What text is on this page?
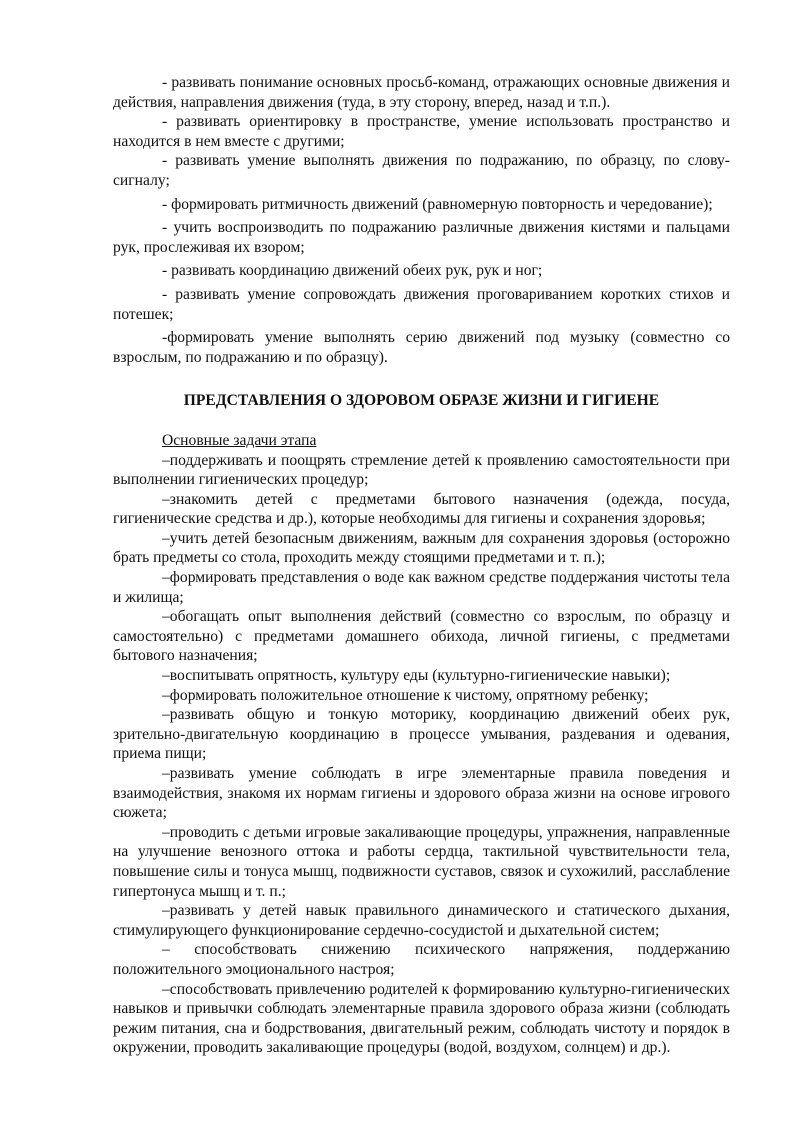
- развивать понимание основных просьб-команд, отражающих основные движения и действия, направления движения (туда, в эту сторону, вперед, назад и т.п.).

- развивать ориентировку в пространстве, умение использовать пространство и находится в нем вместе с другими;

- развивать умение выполнять движения по подражанию, по образцу, по слову-сигналу;

- формировать ритмичность движений (равномерную повторность и чередование);

- учить воспроизводить по подражанию различные движения кистями и пальцами рук, прослеживая их взором;

- развивать координацию движений обеих рук, рук и ног;

- развивать умение сопровождать движения проговариванием коротких стихов и потешек;

-формировать умение выполнять серию движений под музыку (совместно со взрослым, по подражанию и по образцу).

ПРЕДСТАВЛЕНИЯ О ЗДОРОВОМ ОБРАЗЕ ЖИЗНИ И ГИГИЕНЕ

Основные задачи этапа

–поддерживать и поощрять стремление детей к проявлению самостоятельности при выполнении гигиенических процедур;

–знакомить детей с предметами бытового назначения (одежда, посуда, гигиенические средства и др.), которые необходимы для гигиены и сохранения здоровья;

–учить детей безопасным движениям, важным для сохранения здоровья (осторожно брать предметы со стола, проходить между стоящими предметами и т. п.);

–формировать представления о воде как важном средстве поддержания чистоты тела и жилища;

–обогащать опыт выполнения действий (совместно со взрослым, по образцу и самостоятельно) с предметами домашнего обихода, личной гигиены, с предметами бытового назначения;

–воспитывать опрятность, культуру еды (культурно-гигиенические навыки);

–формировать положительное отношение к чистому, опрятному ребенку;

–развивать общую и тонкую моторику, координацию движений обеих рук, зрительно-двигательную координацию в процессе умывания, раздевания и одевания, приема пищи;

–развивать умение соблюдать в игре элементарные правила поведения и взаимодействия, знакомя их нормам гигиены и здорового образа жизни на основе игрового сюжета;

–проводить с детьми игровые закаливающие процедуры, упражнения, направленные на улучшение венозного оттока и работы сердца, тактильной чувствительности тела, повышение силы и тонуса мышц, подвижности суставов, связок и сухожилий, расслабление гипертонуса мышц и т. п.;

–развивать у детей навык правильного динамического и статического дыхания, стимулирующего функционирование сердечно-сосудистой и дыхательной систем;

– способствовать снижению психического напряжения, поддержанию положительного эмоционального настроя;

–способствовать привлечению родителей к формированию культурно-гигиенических навыков и привычки соблюдать элементарные правила здорового образа жизни (соблюдать режим питания, сна и бодрствования, двигательный режим, соблюдать чистоту и порядок в окружении, проводить закаливающие процедуры (водой, воздухом, солнцем) и др.).
